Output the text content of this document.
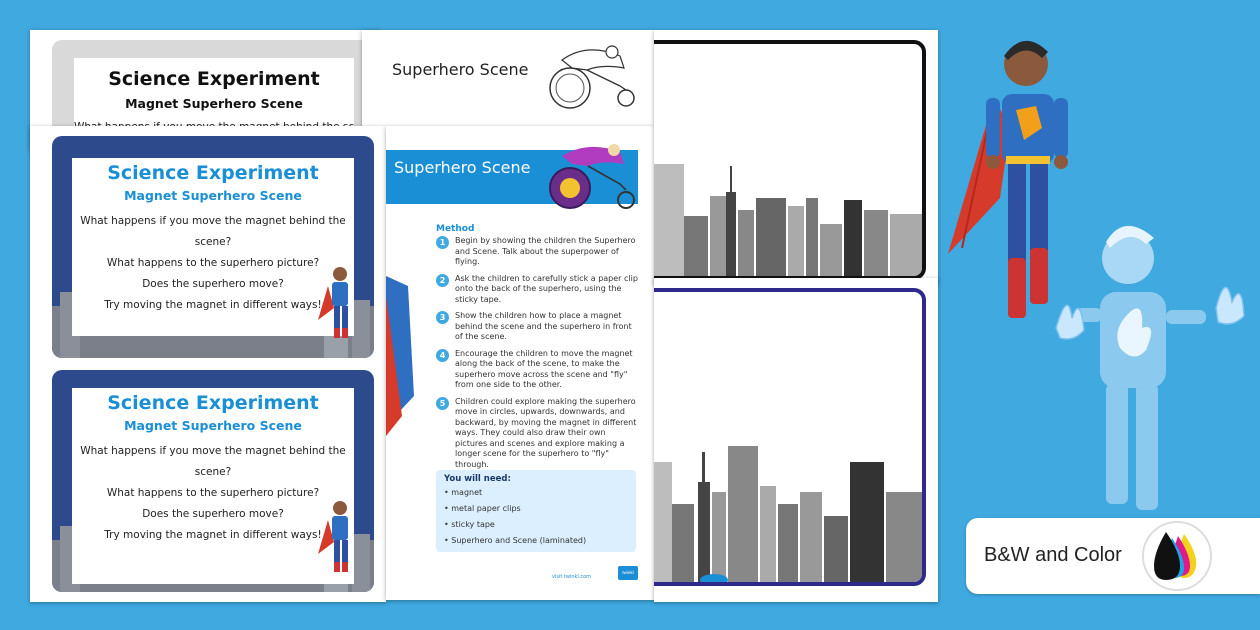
Science Experiment
Magnet Superhero Scene
Superhero Scene
Science Experiment
Magnet Superhero Scene
What happens if you move the magnet behind the scene?
What happens to the superhero picture?
Does the superhero move?
Try moving the magnet in different ways!
Science Experiment
Magnet Superhero Scene
What happens if you move the magnet behind the scene?
What happens to the superhero picture?
Does the superhero move?
Try moving the magnet in different ways!
Superhero Scene
Method
1	Begin by showing the children the Superhero and Scene. Talk about the superpower of flying.
2	Ask the children to carefully stick a paper clip onto the back of the superhero, using the sticky tape.
3	Show the children how to place a magnet behind the scene and the superhero in front of the scene.
4	Encourage the children to move the magnet along the back of the scene, to make the superhero move across the scene and "fly" from one side to the other.
5	Children could explore making the superhero move in circles, upwards, downwards, and backward, by moving the magnet in different ways. They could also draw their own pictures and scenes and explore making a longer scene for the superhero to "fly" through.
You will need:
• magnet
• metal paper clips
• sticky tape
• Superhero and Scene (laminated)
visit twinkl.com
twinkl
B&W and Color
